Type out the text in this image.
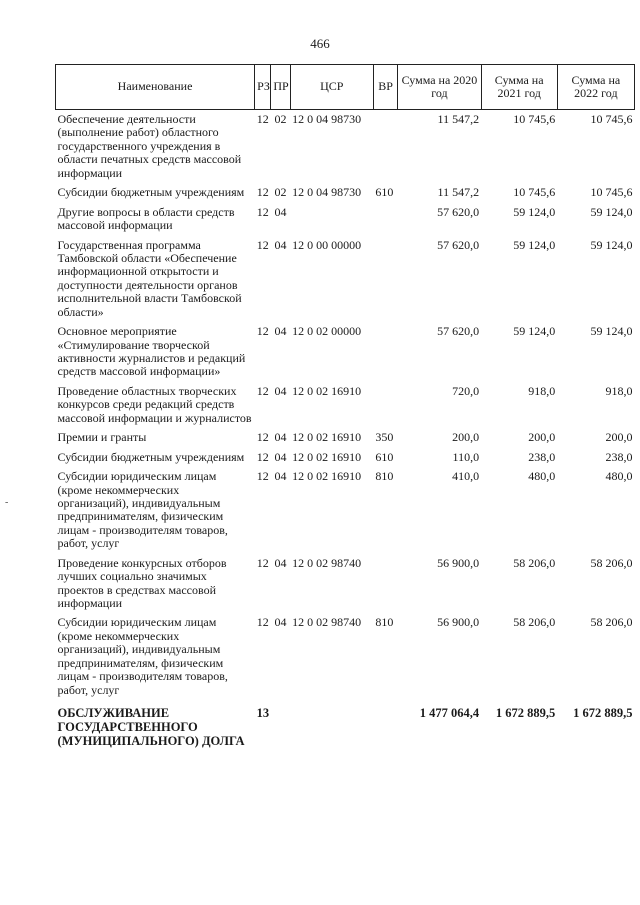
466
-
Наименование	РЗ	ПР	ЦСР	ВР	Сумма на 2020 год	Сумма на 2021 год	Сумма на 2022 год
Обеспечение деятельности (выполнение работ) областного государственного учреждения в области печатных средств массовой информации	12	02	12 0 04 98730		11 547,2	10 745,6	10 745,6
Субсидии бюджетным учреждениям	12	02	12 0 04 98730	610	11 547,2	10 745,6	10 745,6
Другие вопросы в области средств массовой информации	12	04			57 620,0	59 124,0	59 124,0
Государственная программа Тамбовской области «Обеспечение информационной открытости и доступности деятельности органов исполнительной власти Тамбовской области»	12	04	12 0 00 00000		57 620,0	59 124,0	59 124,0
Основное мероприятие «Стимулирование творческой активности журналистов и редакций средств массовой информации»	12	04	12 0 02 00000		57 620,0	59 124,0	59 124,0
Проведение областных творческих конкурсов среди редакций средств массовой информации и журналистов	12	04	12 0 02 16910		720,0	918,0	918,0
Премии и гранты	12	04	12 0 02 16910	350	200,0	200,0	200,0
Субсидии бюджетным учреждениям	12	04	12 0 02 16910	610	110,0	238,0	238,0
Субсидии юридическим лицам (кроме некоммерческих организаций), индивидуальным предпринимателям, физическим лицам - производителям товаров, работ, услуг	12	04	12 0 02 16910	810	410,0	480,0	480,0
Проведение конкурсных отборов лучших социально значимых проектов в средствах массовой информации	12	04	12 0 02 98740		56 900,0	58 206,0	58 206,0
Субсидии юридическим лицам (кроме некоммерческих организаций), индивидуальным предпринимателям, физическим лицам - производителям товаров, работ, услуг	12	04	12 0 02 98740	810	56 900,0	58 206,0	58 206,0
ОБСЛУЖИВАНИЕ ГОСУДАРСТВЕННОГО (МУНИЦИПАЛЬНОГО) ДОЛГА	13				1 477 064,4	1 672 889,5	1 672 889,5
